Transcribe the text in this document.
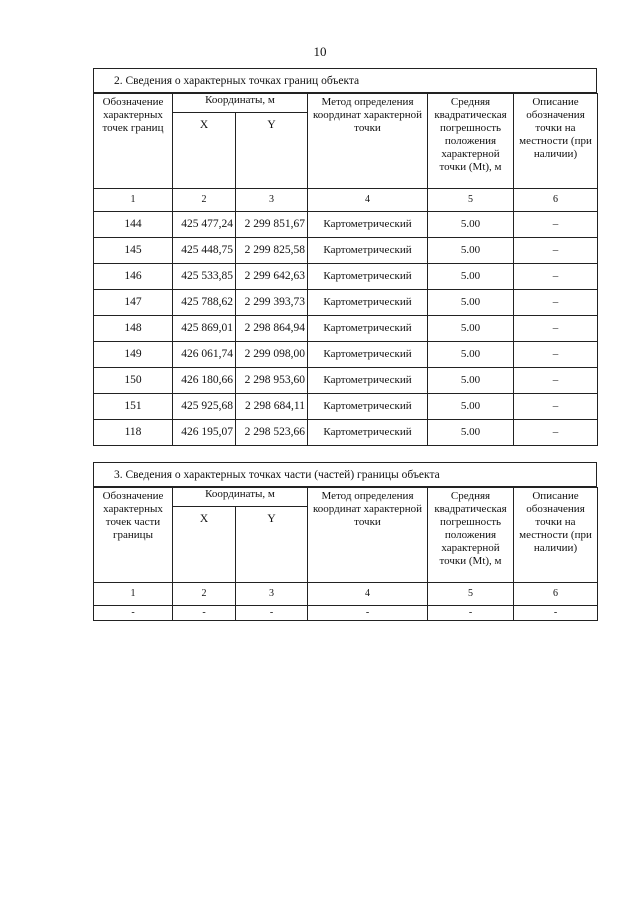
10
2. Сведения о характерных точках границ объекта
Обозначение характерных точек границ	Координаты, м		Метод определения координат характерной точки	Средняя квадратическая погрешность положения характерной точки (Mt), м	Описание обозначения точки на местности (при наличии)
	X	Y			
1	2	3	4	5	6
144	425 477,24	2 299 851,67	Картометрический	5.00	–
145	425 448,75	2 299 825,58	Картометрический	5.00	–
146	425 533,85	2 299 642,63	Картометрический	5.00	–
147	425 788,62	2 299 393,73	Картометрический	5.00	–
148	425 869,01	2 298 864,94	Картометрический	5.00	–
149	426 061,74	2 299 098,00	Картометрический	5.00	–
150	426 180,66	2 298 953,60	Картометрический	5.00	–
151	425 925,68	2 298 684,11	Картометрический	5.00	–
118	426 195,07	2 298 523,66	Картометрический	5.00	–
3. Сведения о характерных точках части (частей) границы объекта
Обозначение характерных точек части границы	Координаты, м		Метод определения координат характерной точки	Средняя квадратическая погрешность положения характерной точки (Mt), м	Описание обозначения точки на местности (при наличии)
	X	Y			
1	2	3	4	5	6
-	-	-	-	-	-
